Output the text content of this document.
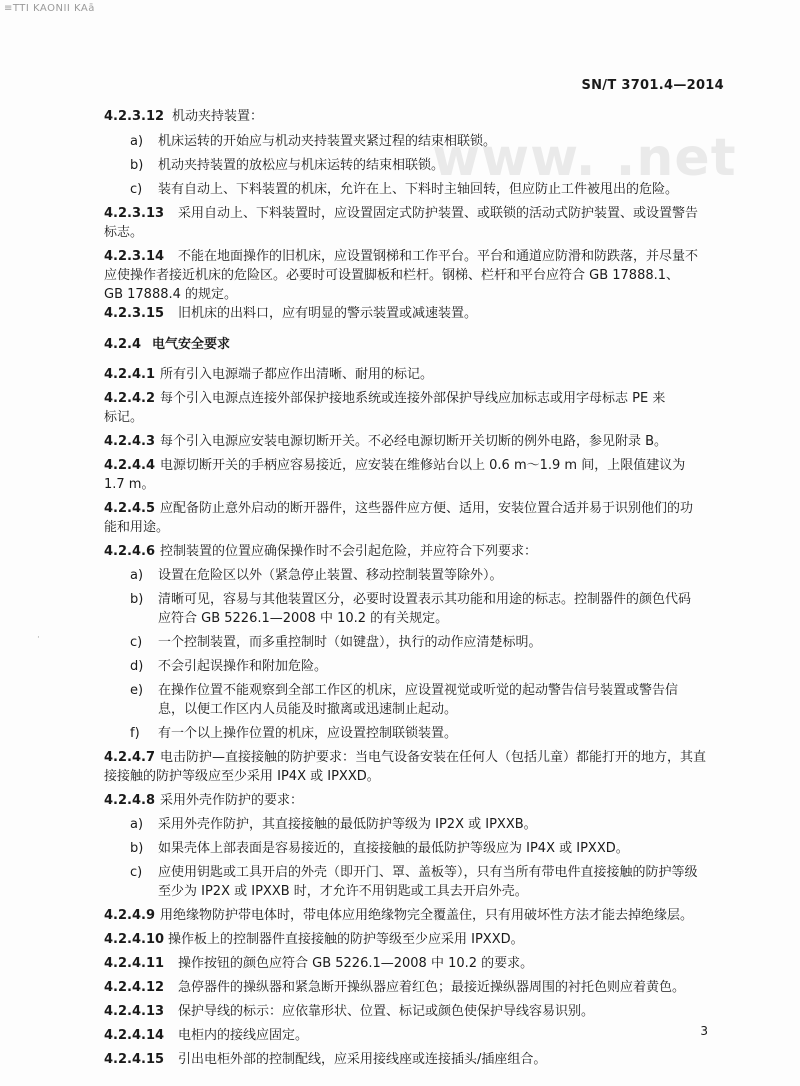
≡TTI KAONII KAā
www. .net
SN/T 3701.4—2014
·
4.2.3.12 机动夹持装置：
a) 机床运转的开始应与机动夹持装置夹紧过程的结束相联锁。
b) 机动夹持装置的放松应与机床运转的结束相联锁。
c) 装有自动上、下料装置的机床，允许在上、下料时主轴回转，但应防止工件被甩出的危险。
4.2.3.13 采用自动上、下料装置时，应设置固定式防护装置、或联锁的活动式防护装置、或设置警告
标志。
4.2.3.14 不能在地面操作的旧机床，应设置钢梯和工作平台。平台和通道应防滑和防跌落，并尽量不
应使操作者接近机床的危险区。必要时可设置脚板和栏杆。钢梯、栏杆和平台应符合 GB 17888.1、
GB 17888.4 的规定。
4.2.3.15 旧机床的出料口，应有明显的警示装置或减速装置。
4.2.4 电气安全要求
4.2.4.1 所有引入电源端子都应作出清晰、耐用的标记。
4.2.4.2 每个引入电源点连接外部保护接地系统或连接外部保护导线应加标志或用字母标志 PE 来
标记。
4.2.4.3 每个引入电源应安装电源切断开关。不必经电源切断开关切断的例外电路，参见附录 B。
4.2.4.4 电源切断开关的手柄应容易接近，应安装在维修站台以上 0.6 m～1.9 m 间，上限值建议为
1.7 m。
4.2.4.5 应配备防止意外启动的断开器件，这些器件应方便、适用，安装位置合适并易于识别他们的功
能和用途。
4.2.4.6 控制装置的位置应确保操作时不会引起危险，并应符合下列要求：
a) 设置在危险区以外（紧急停止装置、移动控制装置等除外）。
b) 清晰可见，容易与其他装置区分，必要时设置表示其功能和用途的标志。控制器件的颜色代码
应符合 GB 5226.1—2008 中 10.2 的有关规定。
c) 一个控制装置，而多重控制时（如键盘），执行的动作应清楚标明。
d) 不会引起误操作和附加危险。
e) 在操作位置不能观察到全部工作区的机床，应设置视觉或听觉的起动警告信号装置或警告信
息，以便工作区内人员能及时撤离或迅速制止起动。
f) 有一个以上操作位置的机床，应设置控制联锁装置。
4.2.4.7 电击防护—直接接触的防护要求：当电气设备安装在任何人（包括儿童）都能打开的地方，其直
接接触的防护等级应至少采用 IP4X 或 IPXXD。
4.2.4.8 采用外壳作防护的要求：
a) 采用外壳作防护，其直接接触的最低防护等级为 IP2X 或 IPXXB。
b) 如果壳体上部表面是容易接近的，直接接触的最低防护等级应为 IP4X 或 IPXXD。
c) 应使用钥匙或工具开启的外壳（即开门、罩、盖板等），只有当所有带电件直接接触的防护等级
至少为 IP2X 或 IPXXB 时，才允许不用钥匙或工具去开启外壳。
4.2.4.9 用绝缘物防护带电体时，带电体应用绝缘物完全覆盖住，只有用破坏性方法才能去掉绝缘层。
4.2.4.10 操作板上的控制器件直接接触的防护等级至少应采用 IPXXD。
4.2.4.11 操作按钮的颜色应符合 GB 5226.1—2008 中 10.2 的要求。
4.2.4.12 急停器件的操纵器和紧急断开操纵器应着红色；最接近操纵器周围的衬托色则应着黄色。
4.2.4.13 保护导线的标示：应依靠形状、位置、标记或颜色使保护导线容易识别。
4.2.4.14 电柜内的接线应固定。
4.2.4.15 引出电柜外部的控制配线，应采用接线座或连接插头/插座组合。
3
